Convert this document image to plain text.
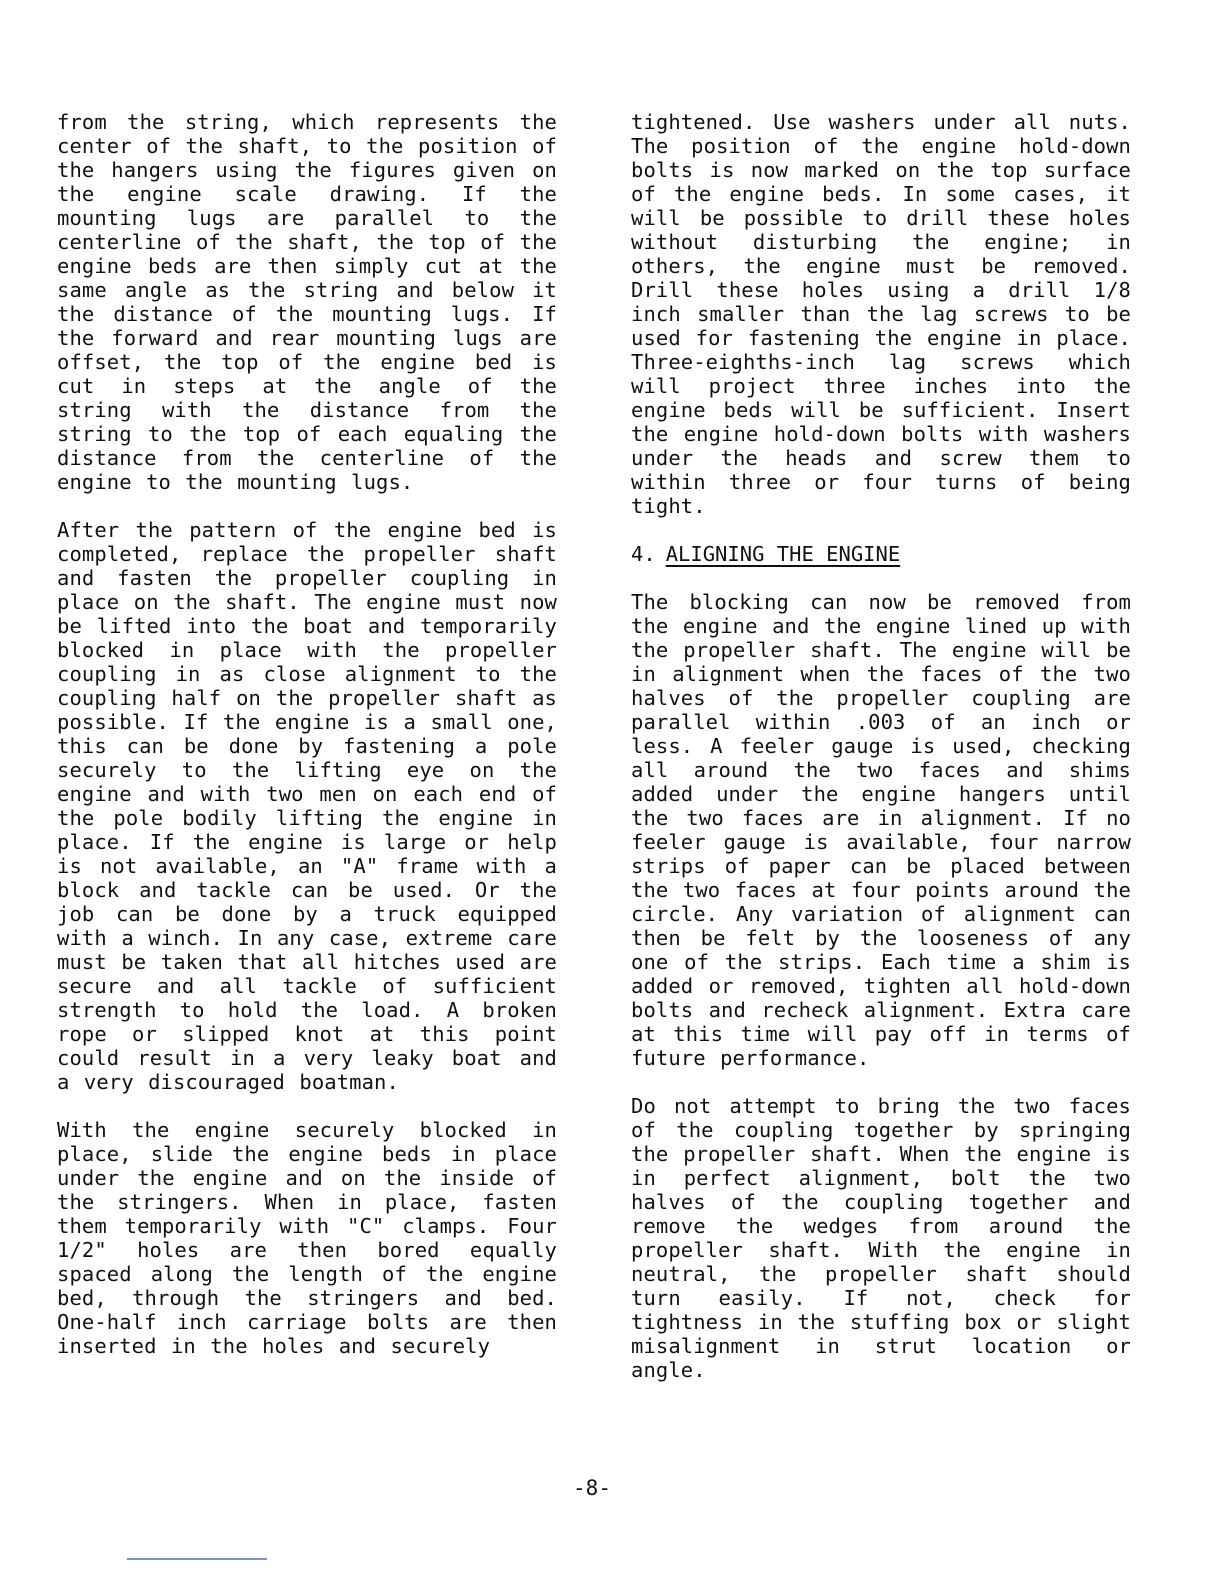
from the string, which represents the center of the shaft, to the position of the hangers using the figures given on the engine scale drawing. If the mounting lugs are parallel to the centerline of the shaft, the top of the engine beds are then simply cut at the same angle as the string and below it the distance of the mounting lugs. If the forward and rear mounting lugs are offset, the top of the engine bed is cut in steps at the angle of the string with the distance from the string to the top of each equaling the distance from the centerline of the engine to the mounting lugs.

After the pattern of the engine bed is completed, replace the propeller shaft and fasten the propeller coupling in place on the shaft. The engine must now be lifted into the boat and temporarily blocked in place with the propeller coupling in as close alignment to the coupling half on the propeller shaft as possible. If the engine is a small one, this can be done by fastening a pole securely to the lifting eye on the engine and with two men on each end of the pole bodily lifting the engine in place. If the engine is large or help is not available, an "A" frame with a block and tackle can be used. Or the job can be done by a truck equipped with a winch. In any case, extreme care must be taken that all hitches used are secure and all tackle of sufficient strength to hold the load. A broken rope or slipped knot at this point could result in a very leaky boat and a very discouraged boatman.

With the engine securely blocked in place, slide the engine beds in place under the engine and on the inside of the stringers. When in place, fasten them temporarily with "C" clamps. Four 1/2" holes are then bored equally spaced along the length of the engine bed, through the stringers and bed. One-half inch carriage bolts are then inserted in the holes and securely

tightened. Use washers under all nuts. The position of the engine hold-down bolts is now marked on the top surface of the engine beds. In some cases, it will be possible to drill these holes without disturbing the engine; in others, the engine must be removed. Drill these holes using a drill 1/8 inch smaller than the lag screws to be used for fastening the engine in place. Three-eighths-inch lag screws which will project three inches into the engine beds will be sufficient. Insert the engine hold-down bolts with washers under the heads and screw them to within three or four turns of being tight.

4. ALIGNING THE ENGINE

The blocking can now be removed from the engine and the engine lined up with the propeller shaft. The engine will be in alignment when the faces of the two halves of the propeller coupling are parallel within .003 of an inch or less. A feeler gauge is used, checking all around the two faces and shims added under the engine hangers until the two faces are in alignment. If no feeler gauge is available, four narrow strips of paper can be placed between the two faces at four points around the circle. Any variation of alignment can then be felt by the looseness of any one of the strips. Each time a shim is added or removed, tighten all hold-down bolts and recheck alignment. Extra care at this time will pay off in terms of future performance.

Do not attempt to bring the two faces of the coupling together by springing the propeller shaft. When the engine is in perfect alignment, bolt the two halves of the coupling together and remove the wedges from around the propeller shaft. With the engine in neutral, the propeller shaft should turn easily. If not, check for tightness in the stuffing box or slight misalignment in strut location or angle.

-8-
